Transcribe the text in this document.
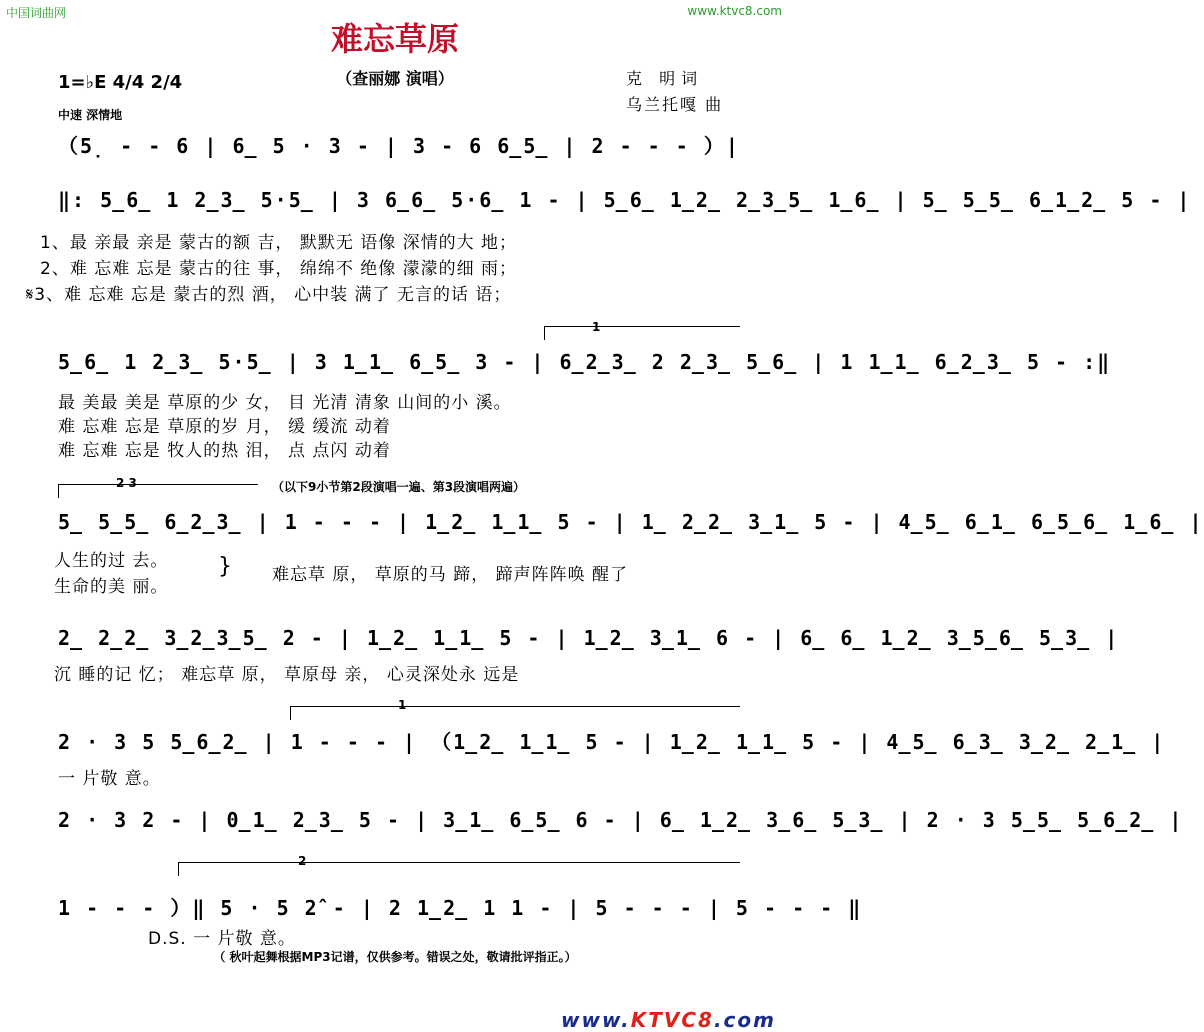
中国词曲网	www.ktvc8.com
难忘草原
（查丽娜 演唱）	克 明词
乌兰托嘎 曲
1=♭E 4/4 2/4
中速 深情地
（5̣ - - 6 | 6̲ 5 · 3 - | 3 - 6 6̲5̲ | 2 - - - ）|
‖: 5̲6̲ 1 2̲3̲ 5·5̲ | 3 6̲6̲ 5·6̲ 1 - | 5̲6̲ 1̲2̲ 2̲3̲5̲ 1̲6̲ | 5̲ 5̲5̲ 6̲1̲2̲ 5 - |
1、最 亲最 亲是 蒙古的额 吉， 默默无 语像 深情的大 地；
2、难 忘难 忘是 蒙古的往 事， 绵绵不 绝像 濛濛的细 雨；
𝄋3、难 忘难 忘是 蒙古的烈 酒， 心中装 满了 无言的话 语；
1
5̲6̲ 1 2̲3̲ 5·5̲ | 3 1̲1̲ 6̲5̲ 3 - | 6̲2̲3̲ 2 2̲3̲ 5̲6̲ | 1 1̲1̲ 6̲2̲3̲ 5 - :‖
最 美最 美是 草原的少 女， 目 光清 清象 山间的小 溪。
难 忘难 忘是 草原的岁 月， 缓 缓流 动着
难 忘难 忘是 牧人的热 泪， 点 点闪 动着
2 3	（以下9小节第2段演唱一遍、第3段演唱两遍）
5̲ 5̲5̲ 6̲2̲3̲ | 1 - - - | 1̲2̲ 1̲1̲ 5 - | 1̲ 2̲2̲ 3̲1̲ 5 - | 4̲5̲ 6̲1̲ 6̲5̲6̲ 1̲6̲ |
人生的过 去。
生命的美 丽。
} 难忘草 原， 草原的马 蹄， 蹄声阵阵唤 醒了
2̲ 2̲2̲ 3̲2̲3̲5̲ 2 - | 1̲2̲ 1̲1̲ 5 - | 1̲2̲ 3̲1̲ 6 - | 6̲ 6̲ 1̲2̲ 3̲5̲6̲ 5̲3̲ |
沉 睡的记 忆； 难忘草 原， 草原母 亲， 心灵深处永 远是
1
2 · 3 5 5̲6̲2̲ | 1 - - - | （1̲2̲ 1̲1̲ 5 - | 1̲2̲ 1̲1̲ 5 - | 4̲5̲ 6̲3̲ 3̲2̲ 2̲1̲ |
一 片敬 意。
2 · 3 2 - | 0̲1̲ 2̲3̲ 5 - | 3̲1̲ 6̲5̲ 6 - | 6̲ 1̲2̲ 3̲6̲ 5̲3̲ | 2 · 3 5̲5̲ 5̲6̲2̲ |
2
1 - - - ）‖ 5 · 5 2̂ - | 2 1̲2̲ 1 1 - | 5 - - - | 5 - - - ‖
D.S. 一 片敬 意。
（ 秋叶起舞根据MP3记谱，仅供参考。错误之处，敬请批评指正。）
www.KTVC8.com
